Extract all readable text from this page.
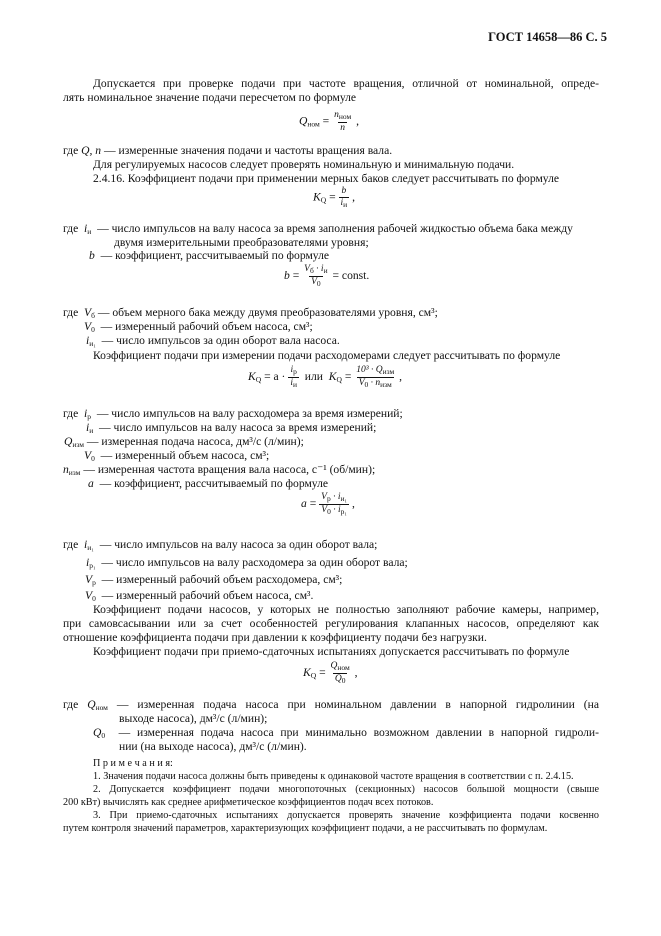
ГОСТ 14658—86 С. 5
Допускается при проверке подачи при частоте вращения, отличной от номинальной, опреде-
лять номинальное значение подачи пересчетом по формуле
$Q_{ном} = \frac{n_{ном}}{n}$ ,
где Q, n — измеренные значения подачи и частоты вращения вала.
Для регулируемых насосов следует проверять номинальную и минимальную подачи.
2.4.16. Коэффициент подачи при применении мерных баков следует рассчитывать по формуле
$K_Q = \frac{b}{i_и}$ ,
где $i_и$ — число импульсов на валу насоса за время заполнения рабочей жидкостью объема бака между
двумя измерительными преобразователями уровня;
b — коэффициент, рассчитываемый по формуле
$b = \frac{V_б \cdot i_и}{V_0}$ = const.
где $V_б$ — объем мерного бака между двумя преобразователями уровня, см³;
$V_0$ — измеренный рабочий объем насоса, см³;
$i_{и_1}$ — число импульсов за один оборот вала насоса.
Коэффициент подачи при измерении подачи расходомерами следует рассчитывать по формуле
$K_Q = a \cdot \frac{i_р}{i_и}$ или $K_Q = \frac{10^3 \cdot Q_{изм}}{V_0 \cdot n_{изм}}$ ,
где $i_р$ — число импульсов на валу расходомера за время измерений;
$i_и$ — число импульсов на валу насоса за время измерений;
$Q_{изм}$ — измеренная подача насоса, дм³/с (л/мин);
$V_0$ — измеренный объем насоса, см³;
$n_{изм}$ — измеренная частота вращения вала насоса, с⁻¹ (об/мин);
a — коэффициент, рассчитываемый по формуле
$a = \frac{V_р \cdot i_{и_1}}{V_0 \cdot i_{р_1}}$ ,
где $i_{и_1}$ — число импульсов на валу насоса за один оборот вала;
$i_{р_1}$ — число импульсов на валу расходомера за один оборот вала;
$V_р$ — измеренный рабочий объем расходомера, см³;
$V_0$ — измеренный рабочий объем насоса, см³.
Коэффициент подачи насосов, у которых не полностью заполняют рабочие камеры, например,
при самовсасывании или за счет особенностей регулирования клапанных насосов, определяют как
отношение коэффициента подачи при давлении к коэффициенту подачи без нагрузки.
Коэффициент подачи при приемо-сдаточных испытаниях допускается рассчитывать по формуле
$K_Q = \frac{Q_{ном}}{Q_0}$ ,
где $Q_{ном}$ — измеренная подача насоса при номинальном давлении в напорной гидролинии (на
выходе насоса), дм³/с (л/мин);
$Q_0$ — измеренная подача насоса при минимально возможном давлении в напорной гидроли-
нии (на выходе насоса), дм³/с (л/мин).
П р и м е ч а н и я:
1. Значения подачи насоса должны быть приведены к одинаковой частоте вращения в соответствии с п. 2.4.15.
2. Допускается коэффициент подачи многопоточных (секционных) насосов большой мощности (свыше
200 кВт) вычислять как среднее арифметическое коэффициентов подач всех потоков.
3. При приемо-сдаточных испытаниях допускается проверять значение коэффициента подачи косвенно
путем контроля значений параметров, характеризующих коэффициент подачи, а не рассчитывать по формулам.
